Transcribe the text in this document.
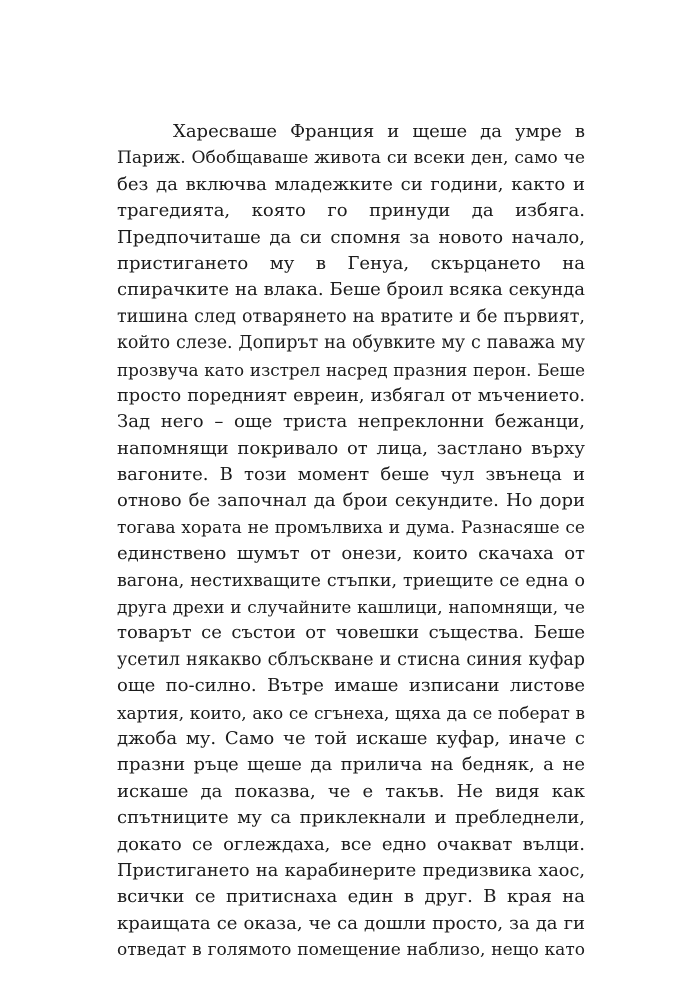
Харесваше Франция и щеше да умре в
Париж. Обобщаваше живота си всеки ден, само че
без да включва младежките си години, както и
трагедията, която го принуди да избяга.
Предпочиташе да си спомня за новото начало,
пристигането му в Генуа, скърцането на
спирачките на влака. Беше броил всяка секунда
тишина след отварянето на вратите и бе първият,
който слезе. Допирът на обувките му с паважа му
прозвуча като изстрел насред празния перон. Беше
просто поредният евреин, избягал от мъчението.
Зад него – още триста непреклонни бежанци,
напомнящи покривало от лица, застлано върху
вагоните. В този момент беше чул звънеца и
отново бе започнал да брои секундите. Но дори
тогава хората не промълвиха и дума. Разнасяше се
единствено шумът от онези, които скачаха от
вагона, нестихващите стъпки, триещите се една о
друга дрехи и случайните кашлици, напомнящи, че
товарът се състои от човешки същества. Беше
усетил някакво сблъскване и стисна синия куфар
още по-силно. Вътре имаше изписани листове
хартия, които, ако се сгънеха, щяха да се поберат в
джоба му. Само че той искаше куфар, иначе с
празни ръце щеше да прилича на бедняк, а не
искаше да показва, че е такъв. Не видя как
спътниците му са приклекнали и пребледнели,
докато се оглеждаха, все едно очакват вълци.
Пристигането на карабинерите предизвика хаос,
всички се притиснаха един в друг. В края на
краищата се оказа, че са дошли просто, за да ги
отведат в голямото помещение наблизо, нещо като
